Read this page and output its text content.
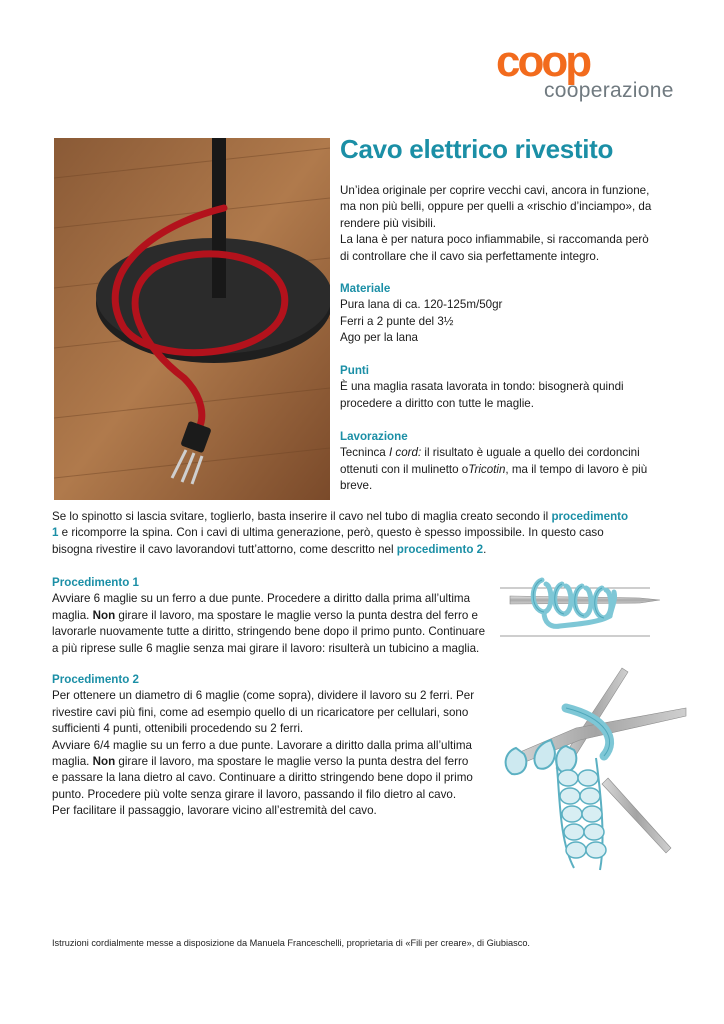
coop
cooperazione
Cavo elettrico rivestito

Un’idea originale per coprire vecchi cavi, ancora in funzione, ma non più belli, oppure per quelli a «rischio d’inciampo», da rendere più visibili.

La lana è per natura poco infiammabile, si raccomanda però di controllare che il cavo sia perfettamente integro.

Materiale

Pura lana di ca. 120-125m/50gr

Ferri a 2 punte del 3½

Ago per la lana

Punti

È una maglia rasata lavorata in tondo: bisognerà quindi procedere a diritto con tutte le maglie.

Lavorazione

Tecninca I cord: il risultato è uguale a quello dei cordoncini ottenuti con il mulinetto oTricotin, ma il tempo di lavoro è più breve.

Se lo spinotto si lascia svitare, toglierlo, basta inserire il cavo nel tubo di maglia creato secondo il procedimento 1 e ricomporre la spina. Con i cavi di ultima generazione, però, questo è spesso impossibile. In questo caso bisogna rivestire il cavo lavorandovi tutt’attorno, come descritto nel procedimento 2.

Procedimento 1

Avviare 6 maglie su un ferro a due punte. Procedere a diritto dalla prima all’ultima maglia. Non girare il lavoro, ma spostare le maglie verso la punta destra del ferro e lavorarle nuovamente tutte a diritto, stringendo bene dopo il primo punto. Continuare a più riprese sulle 6 maglie senza mai girare il lavoro: risulterà un tubicino a maglia.

Procedimento 2

Per ottenere un diametro di 6 maglie (come sopra), dividere il lavoro su 2 ferri. Per rivestire cavi più fini, come ad esempio quello di un ricaricatore per cellulari, sono sufficienti 4 punti, ottenibili procedendo su 2 ferri.

Avviare 6/4 maglie su un ferro a due punte. Lavorare a diritto dalla prima all’ultima maglia. Non girare il lavoro, ma spostare le maglie verso la punta destra del ferro e passare la lana dietro al cavo. Continuare a diritto stringendo bene dopo il primo punto. Procedere più volte senza girare il lavoro, passando il filo dietro al cavo. Per facilitare il passaggio, lavorare vicino all’estremità del cavo.

Istruzioni cordialmente messe a disposizione da Manuela Franceschelli, proprietaria di «Fili per creare», di Giubiasco.
